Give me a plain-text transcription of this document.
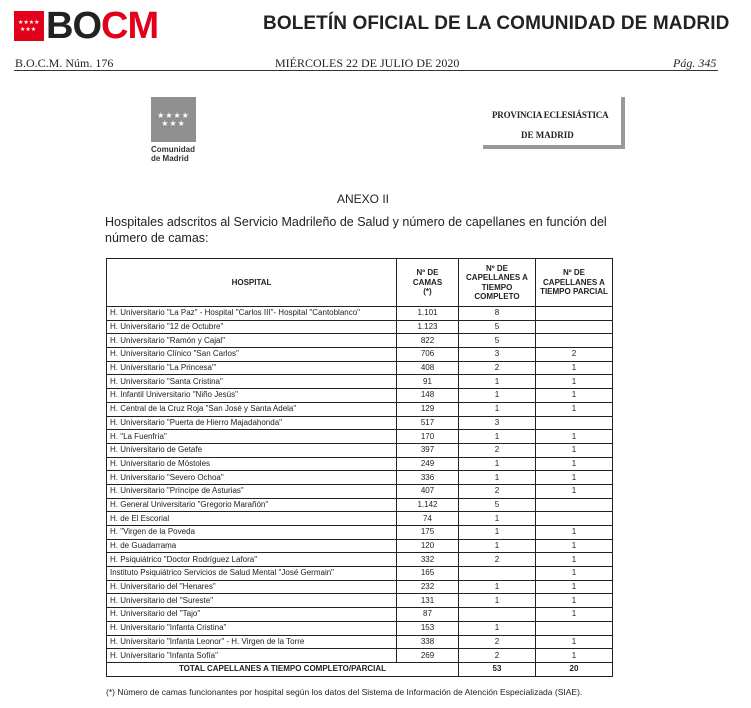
★★★★
★★★ BOCM	BOLETÍN OFICIAL DE LA COMUNIDAD DE MADRID
B.O.C.M. Núm. 176	MIÉRCOLES 22 DE JULIO DE 2020	Pág. 345
★★★★
★★★
Comunidad
de Madrid
PROVINCIA ECLESIÁSTICA
DE MADRID
ANEXO II
Hospitales adscritos al Servicio Madrileño de Salud y número de capellanes en función del número de camas:
HOSPITAL	Nº DE CAMAS (*)	Nº DE CAPELLANES A TIEMPO COMPLETO	Nº DE CAPELLANES A TIEMPO PARCIAL
H. Universitario "La Paz" - Hospital "Carlos III"- Hospital "Cantoblanco"	1.101	8	
H. Universitario "12 de Octubre"	1.123	5	
H. Universitario "Ramón y Cajal"	822	5	
H. Universitario Clínico "San Carlos"	706	3	2
H. Universitario "La Princesa"'	408	2	1
H. Universitario "Santa Cristina"	91	1	1
H. Infantil Universitario "Niño Jesús"	148	1	1
H. Central de la Cruz Roja "San José y Santa Adela"	129	1	1
H. Universitario "Puerta de Hierro Majadahonda"	517	3	
H. "La Fuenfría"	170	1	1
H. Universitario de Getafe	397	2	1
H. Universitario de Móstoles	249	1	1
H. Universitario "Severo Ochoa"	336	1	1
H. Universitario "Príncipe de Asturias"	407	2	1
H. General Universitario "Gregorio Marañón"	1.142	5	
H. de El Escorial	74	1	
H. "Virgen de la Poveda	175	1	1
H. de Guadarrama	120	1	1
H. Psiquiátrico "Doctor Rodríguez Lafora"	332	2	1
Instituto Psiquiátrico Servicios de Salud Mental "José Germain"	165		1
H. Universitario del "Henares"	232	1	1
H. Universitario del "Sureste"	131	1	1
H. Universitario del "Tajo"	87		1
H. Universitario "Infanta Cristina"	153	1	
H. Universitario "Infanta Leonor" - H. Virgen de la Torre	338	2	1
H. Universitario "Infanta Sofía"	269	2	1
TOTAL CAPELLANES A TIEMPO COMPLETO/PARCIAL		53	20
(*) Número de camas funcionantes por hospital según los datos del Sistema de Información de Atención Especializada (SIAE).
